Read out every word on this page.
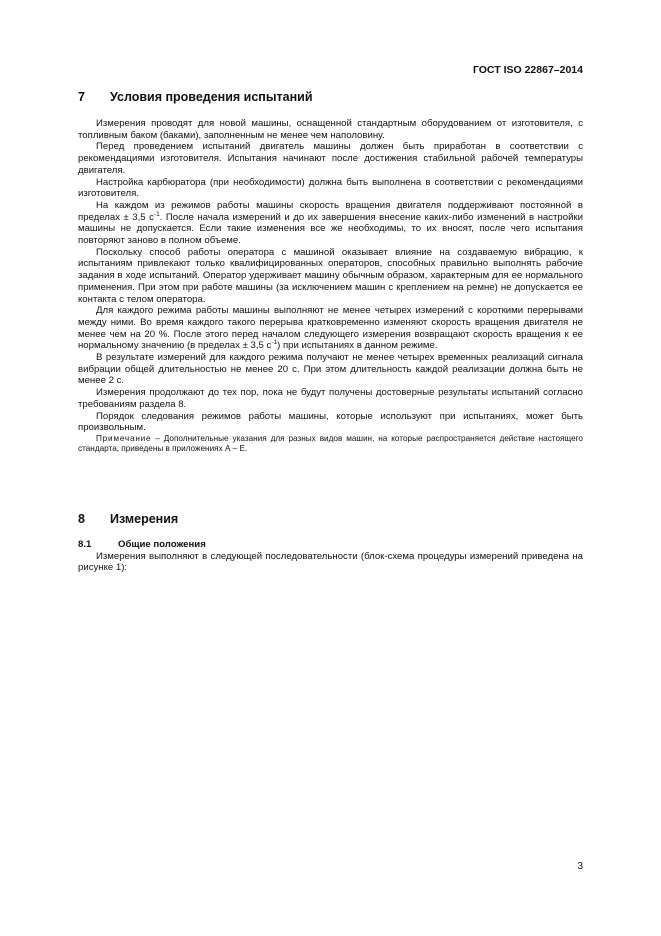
ГОСТ ISO 22867–2014
7 Условия проведения испытаний

Измерения проводят для новой машины, оснащенной стандартным оборудованием от изготовителя, с топливным баком (баками), заполненным не менее чем наполовину.

Перед проведением испытаний двигатель машины должен быть приработан в соответствии с рекомендациями изготовителя. Испытания начинают после достижения стабильной рабочей температуры двигателя.

Настройка карбюратора (при необходимости) должна быть выполнена в соответствии с рекомендациями изготовителя.

На каждом из режимов работы машины скорость вращения двигателя поддерживают постоянной в пределах ± 3,5 $с^{-1}$. После начала измерений и до их завершения внесение каких-либо изменений в настройки машины не допускается. Если такие изменения все же необходимы, то их вносят, после чего испытания повторяют заново в полном объеме.

Поскольку способ работы оператора с машиной оказывает влияние на создаваемую вибрацию, к испытаниям привлекают только квалифицированных операторов, способных правильно выполнять рабочие задания в ходе испытаний. Оператор удерживает машину обычным образом, характерным для ее нормального применения. При этом при работе машины (за исключением машин с креплением на ремне) не допускается ее контакта с телом оператора.

Для каждого режима работы машины выполняют не менее четырех измерений с короткими перерывами между ними. Во время каждого такого перерыва кратковременно изменяют скорость вращения двигателя не менее чем на 20 %. После этого перед началом следующего измерения возвращают скорость вращения к ее нормальному значению (в пределах ± 3,5 $с^{-1}$) при испытаниях в данном режиме.

В результате измерений для каждого режима получают не менее четырех временных реализаций сигнала вибрации общей длительностью не менее 20 с. При этом длительность каждой реализации должна быть не менее 2 с.

Измерения продолжают до тех пор, пока не будут получены достоверные результаты испытаний согласно требованиям раздела 8.

Порядок следования режимов работы машины, которые используют при испытаниях, может быть произвольным.

Примечание – Дополнительные указания для разных видов машин, на которые распространяется действие настоящего стандарта, приведены в приложениях А – Е.

8 Измерения
8.1	Общие положения

Измерения выполняют в следующей последовательности (блок-схема процедуры измерений приведена на рисунке 1):

3
